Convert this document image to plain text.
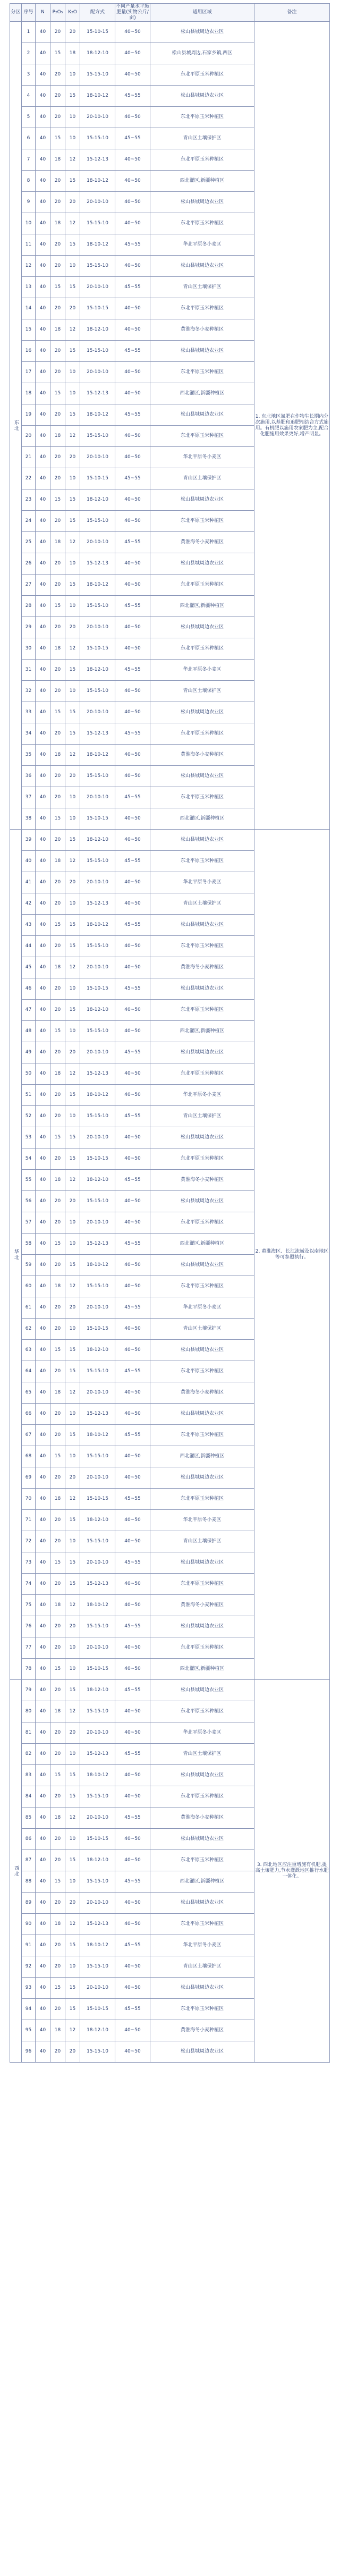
分区	序号	N	P₂O₅	K₂O	配方式	不同产量水平施肥量(实物公斤/亩)	适用区域	备注
东北	1	40	20	20	15-10-15	40~50	松山县城周边农业区	1. 东北地区氮肥在作物生长期内分次施用,以基肥和追肥相结合方式施用。有机肥以施用农家肥为主,配合化肥施用效果更好,增产明显。
	2	40	15	18	18-12-10	40~50	松山县城周边,石家乡镇,西区	
	3	40	20	10	15-15-10	40~50	东北平原玉米种植区	
	4	40	20	15	18-10-12	45~55	松山县城周边农业区	
	5	40	20	10	20-10-10	40~50	东北平原玉米种植区	
	6	40	15	10	15-15-10	45~55	青山区土壤保护区	
	7	40	18	12	15-12-13	40~50	东北平原玉米种植区	
	8	40	20	15	18-10-12	40~50	西北灌区,新疆种植区	
	9	40	20	20	20-10-10	40~50	松山县城周边农业区	
	10	40	18	12	15-15-10	40~50	东北平原玉米种植区	
	11	40	20	15	18-10-12	45~55	华北平原冬小麦区	
	12	40	20	10	15-15-10	40~50	松山县城周边农业区	
	13	40	15	15	20-10-10	45~55	青山区土壤保护区	
	14	40	20	20	15-10-15	40~50	东北平原玉米种植区	
	15	40	18	12	18-12-10	40~50	黄淮海冬小麦种植区	
	16	40	20	15	15-15-10	45~55	松山县城周边农业区	
	17	40	20	10	20-10-10	40~50	东北平原玉米种植区	
	18	40	15	10	15-12-13	40~50	西北灌区,新疆种植区	
	19	40	20	15	18-10-12	45~55	松山县城周边农业区	
	20	40	18	12	15-15-10	40~50	东北平原玉米种植区	
	21	40	20	20	20-10-10	40~50	华北平原冬小麦区	
	22	40	20	10	15-10-15	45~55	青山区土壤保护区	
	23	40	15	15	18-12-10	40~50	松山县城周边农业区	
	24	40	20	15	15-15-10	40~50	东北平原玉米种植区	
	25	40	18	12	20-10-10	45~55	黄淮海冬小麦种植区	
	26	40	20	10	15-12-13	40~50	松山县城周边农业区	
	27	40	20	15	18-10-12	40~50	东北平原玉米种植区	
	28	40	15	10	15-15-10	45~55	西北灌区,新疆种植区	
	29	40	20	20	20-10-10	40~50	松山县城周边农业区	
	30	40	18	12	15-10-15	40~50	东北平原玉米种植区	
	31	40	20	15	18-12-10	45~55	华北平原冬小麦区	
	32	40	20	10	15-15-10	40~50	青山区土壤保护区	
	33	40	15	15	20-10-10	40~50	松山县城周边农业区	
	34	40	20	15	15-12-13	45~55	东北平原玉米种植区	
	35	40	18	12	18-10-12	40~50	黄淮海冬小麦种植区	
	36	40	20	20	15-15-10	40~50	松山县城周边农业区	
	37	40	20	10	20-10-10	45~55	东北平原玉米种植区	
	38	40	15	10	15-10-15	40~50	西北灌区,新疆种植区	
华北	39	40	20	15	18-12-10	40~50	松山县城周边农业区	2. 黄淮海区、长江流域及以南地区等可参照执行。
	40	40	18	12	15-15-10	45~55	东北平原玉米种植区	
	41	40	20	20	20-10-10	40~50	华北平原冬小麦区	
	42	40	20	10	15-12-13	40~50	青山区土壤保护区	
	43	40	15	15	18-10-12	45~55	松山县城周边农业区	
	44	40	20	15	15-15-10	40~50	东北平原玉米种植区	
	45	40	18	12	20-10-10	40~50	黄淮海冬小麦种植区	
	46	40	20	10	15-10-15	45~55	松山县城周边农业区	
	47	40	20	15	18-12-10	40~50	东北平原玉米种植区	
	48	40	15	10	15-15-10	40~50	西北灌区,新疆种植区	
	49	40	20	20	20-10-10	45~55	松山县城周边农业区	
	50	40	18	12	15-12-13	40~50	东北平原玉米种植区	
	51	40	20	15	18-10-12	40~50	华北平原冬小麦区	
	52	40	20	10	15-15-10	45~55	青山区土壤保护区	
	53	40	15	15	20-10-10	40~50	松山县城周边农业区	
	54	40	20	15	15-10-15	40~50	东北平原玉米种植区	
	55	40	18	12	18-12-10	45~55	黄淮海冬小麦种植区	
	56	40	20	20	15-15-10	40~50	松山县城周边农业区	
	57	40	20	10	20-10-10	40~50	东北平原玉米种植区	
	58	40	15	10	15-12-13	45~55	西北灌区,新疆种植区	
	59	40	20	15	18-10-12	40~50	松山县城周边农业区	
	60	40	18	12	15-15-10	40~50	东北平原玉米种植区	
	61	40	20	20	20-10-10	45~55	华北平原冬小麦区	
	62	40	20	10	15-10-15	40~50	青山区土壤保护区	
	63	40	15	15	18-12-10	40~50	松山县城周边农业区	
	64	40	20	15	15-15-10	45~55	东北平原玉米种植区	
	65	40	18	12	20-10-10	40~50	黄淮海冬小麦种植区	
	66	40	20	10	15-12-13	40~50	松山县城周边农业区	
	67	40	20	15	18-10-12	45~55	东北平原玉米种植区	
	68	40	15	10	15-15-10	40~50	西北灌区,新疆种植区	
	69	40	20	20	20-10-10	40~50	松山县城周边农业区	
	70	40	18	12	15-10-15	45~55	东北平原玉米种植区	
	71	40	20	15	18-12-10	40~50	华北平原冬小麦区	
	72	40	20	10	15-15-10	40~50	青山区土壤保护区	
	73	40	15	15	20-10-10	45~55	松山县城周边农业区	
	74	40	20	15	15-12-13	40~50	东北平原玉米种植区	
	75	40	18	12	18-10-12	40~50	黄淮海冬小麦种植区	
	76	40	20	20	15-15-10	45~55	松山县城周边农业区	
	77	40	20	10	20-10-10	40~50	东北平原玉米种植区	
	78	40	15	10	15-10-15	40~50	西北灌区,新疆种植区	
西北	79	40	20	15	18-12-10	45~55	松山县城周边农业区	3. 西北地区应注重增施有机肥,提高土壤肥力,节水灌溉地区推行水肥一体化。
	80	40	18	12	15-15-10	40~50	东北平原玉米种植区	
	81	40	20	20	20-10-10	40~50	华北平原冬小麦区	
	82	40	20	10	15-12-13	45~55	青山区土壤保护区	
	83	40	15	15	18-10-12	40~50	松山县城周边农业区	
	84	40	20	15	15-15-10	40~50	东北平原玉米种植区	
	85	40	18	12	20-10-10	45~55	黄淮海冬小麦种植区	
	86	40	20	10	15-10-15	40~50	松山县城周边农业区	
	87	40	20	15	18-12-10	40~50	东北平原玉米种植区	
	88	40	15	10	15-15-10	45~55	西北灌区,新疆种植区	
	89	40	20	20	20-10-10	40~50	松山县城周边农业区	
	90	40	18	12	15-12-13	40~50	东北平原玉米种植区	
	91	40	20	15	18-10-12	45~55	华北平原冬小麦区	
	92	40	20	10	15-15-10	40~50	青山区土壤保护区	
	93	40	15	15	20-10-10	40~50	松山县城周边农业区	
	94	40	20	15	15-10-15	45~55	东北平原玉米种植区	
	95	40	18	12	18-12-10	40~50	黄淮海冬小麦种植区	
	96	40	20	20	15-15-10	40~50	松山县城周边农业区	
